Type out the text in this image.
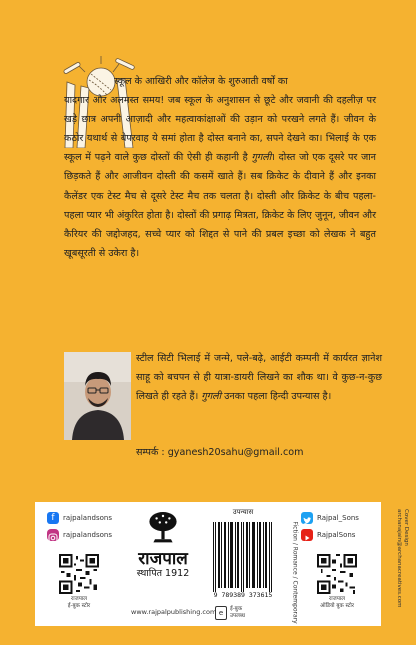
स्कूल के आखिरी और कॉलेज के शुरुआती वर्षों का
यादगार और अलमस्त समय! जब स्कूल के अनुशासन से छूटे और जवानी की दहलीज़ पर खड़े छात्र अपनी आज़ादी और महत्वाकांक्षाओं की उड़ान को परखने लगते हैं। जीवन के कठोर यथार्थ से बेपरवाह ये समां होता है दोस्त बनाने का, सपने देखने का। भिलाई के एक स्कूल में पढ़ने वाले कुछ दोस्तों की ऐसी ही कहानी है गुगली। दोस्त जो एक दूसरे पर जान छिड़कते हैं और आजीवन दोस्ती की कसमें खाते हैं। सब क्रिकेट के दीवाने हैं और इनका कैलेंडर एक टेस्ट मैच से दूसरे टेस्ट मैच तक चलता है। दोस्ती और क्रिकेट के बीच पहला-पहला प्यार भी अंकुरित होता है। दोस्तों की प्रगाढ़ मित्रता, क्रिकेट के लिए जुनून, जीवन और कैरियर की जद्दोजहद, सच्चे प्यार को शिद्दत से पाने की प्रबल इच्छा को लेखक ने बहुत खूबसूरती से उकेरा है।
स्टील सिटी भिलाई में जन्मे, पले-बढ़े, आईटी कम्पनी में कार्यरत ज्ञानेश साहू को बचपन से ही यात्रा-डायरी लिखने का शौक था। वे कुछ-न-कुछ लिखते ही रहते हैं। गुगली उनका पहला हिन्दी उपन्यास है।
सम्पर्क : gyanesh20sahu@gmail.com
f	rajpalandsons
rajpalandsons
राजपाल
ई-बुक स्टोर
राजपाल
स्थापित 1912
www.rajpalpublishing.com
उपन्यास
9 789389 373615	Fiction / Romance / Contemporary
e	ई-बुक
उपलब्ध
Rajpal_Sons
RajpalSons
राजपाल
ऑडियो बुक स्टोर
Cover Design
archanajain@archanacreatives.com
